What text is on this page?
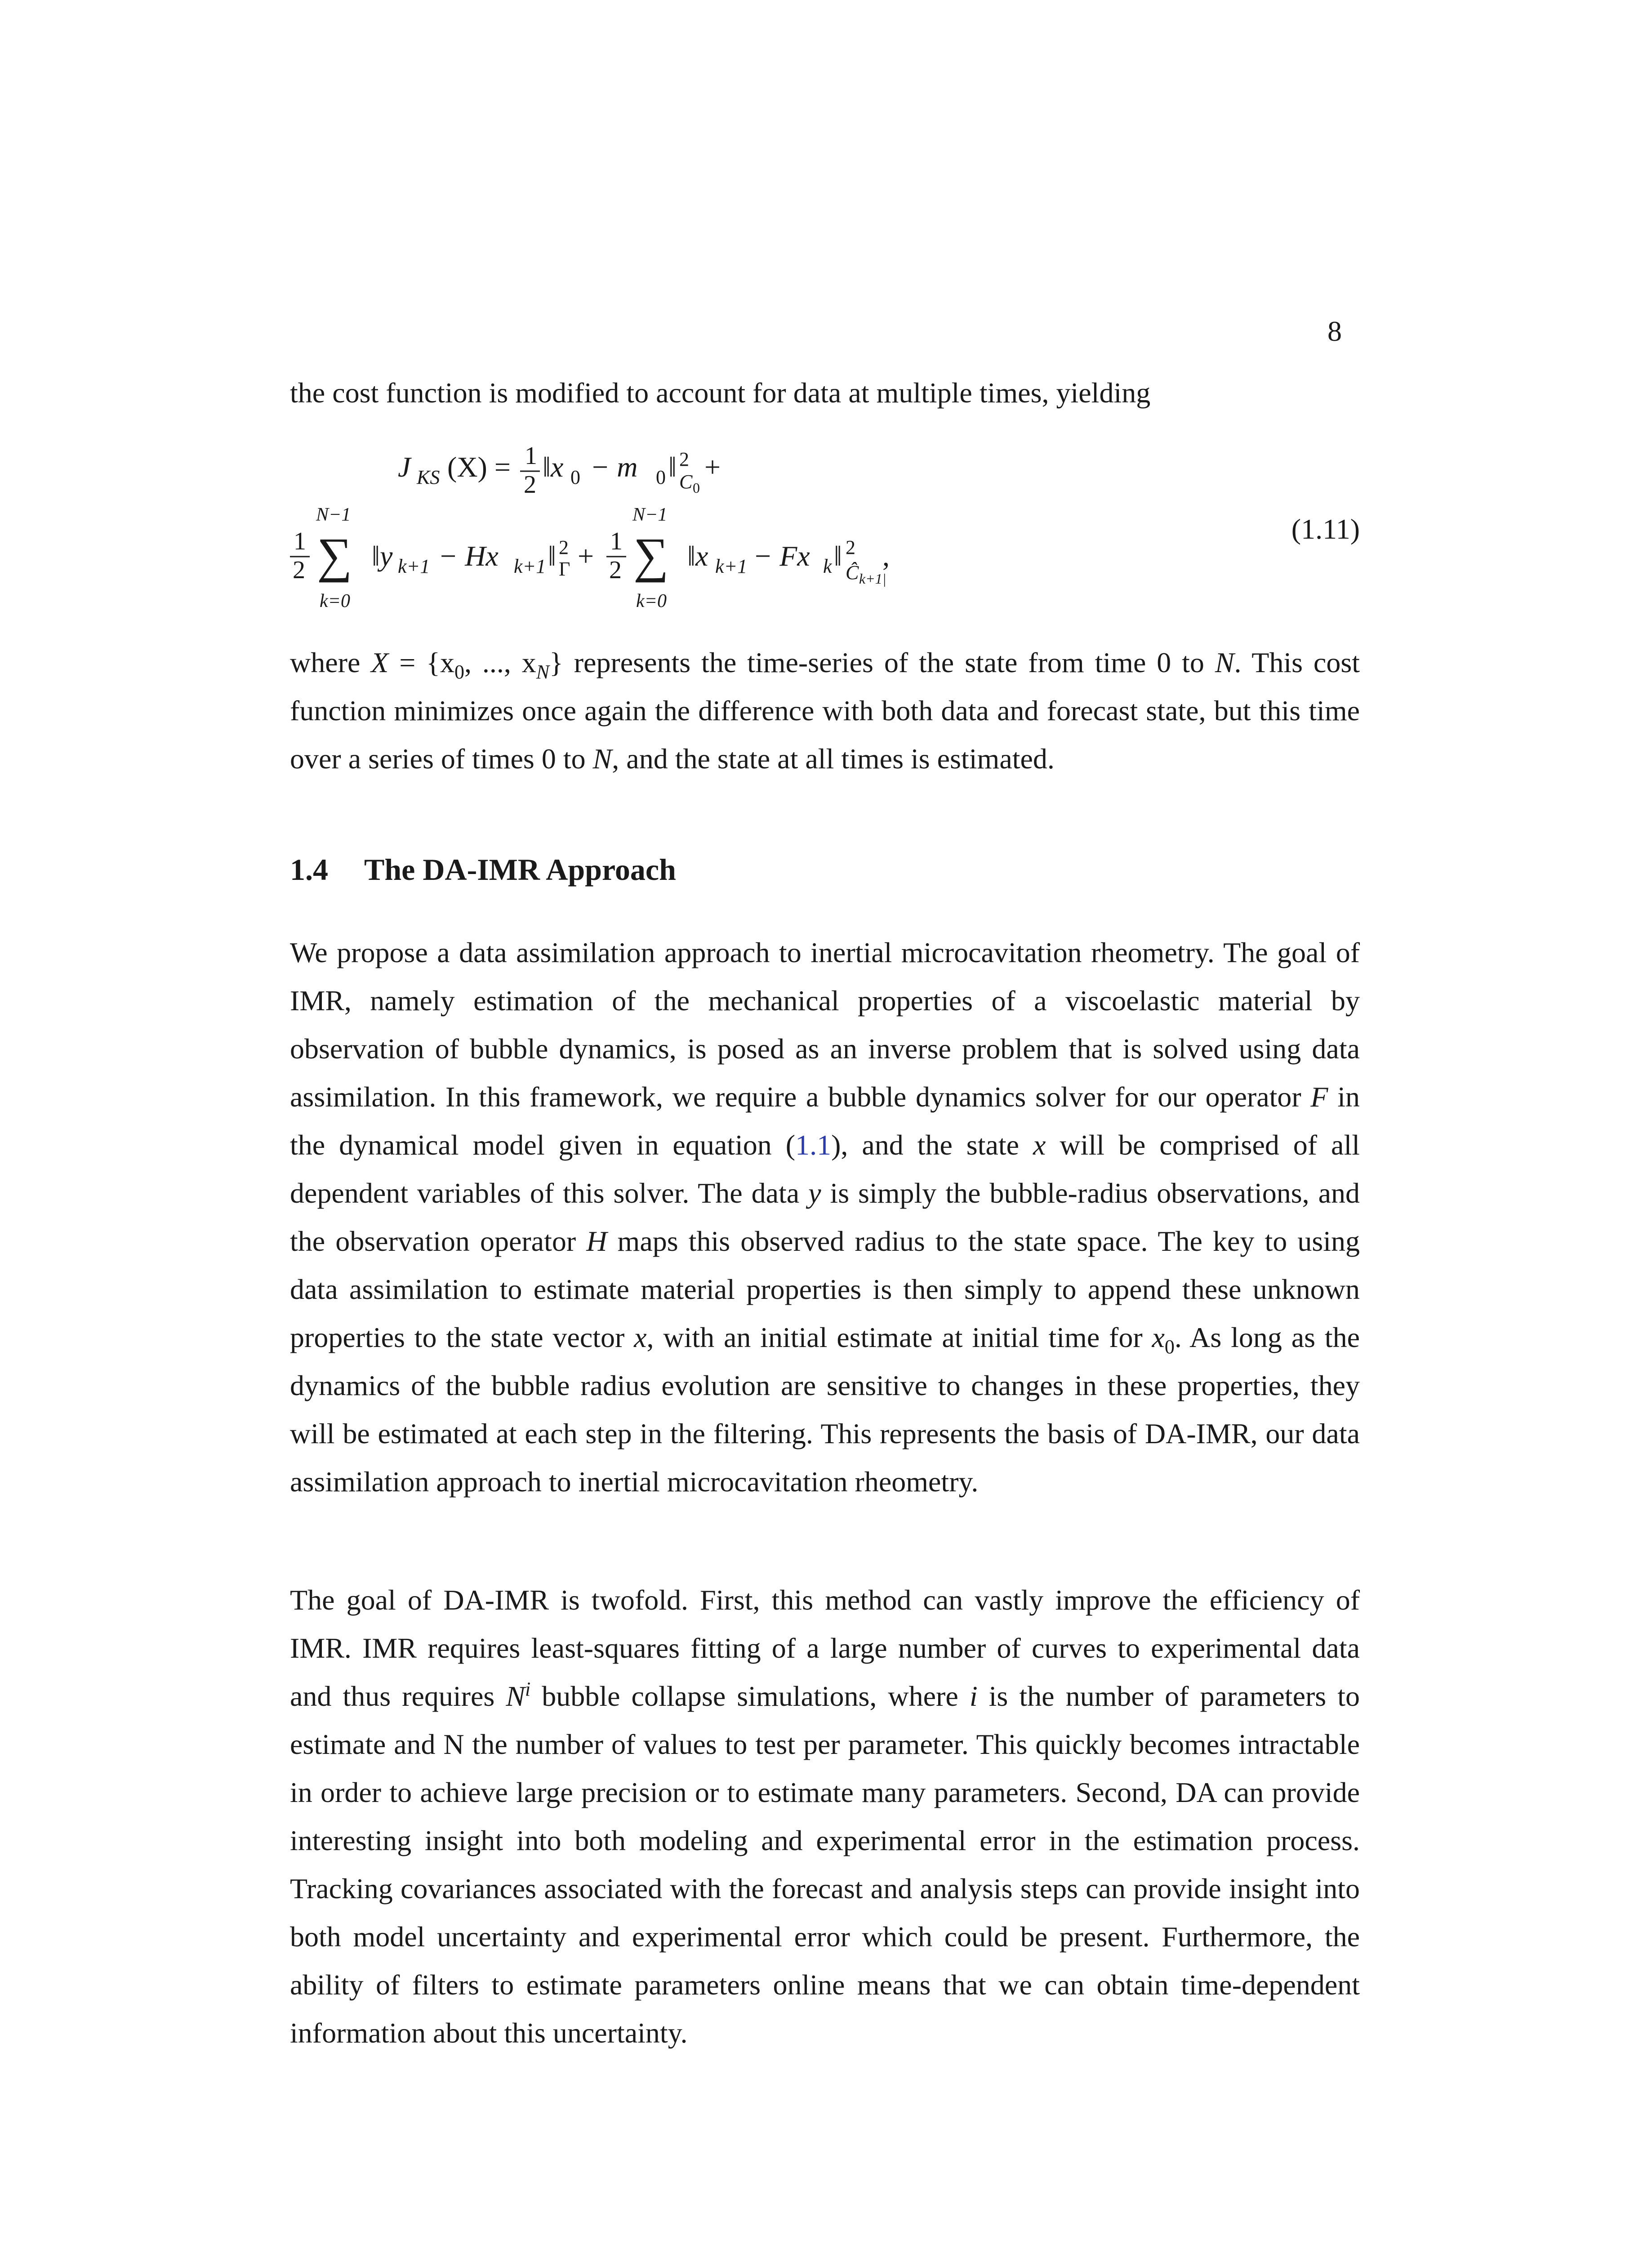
8

the cost function is modified to account for data at multiple times, yielding

J KS (X) = 1
2
‖x 0 − m 0 ‖ 2
C 0
+
1
2
N−1
∑
k=0
‖y k+1 − Hx k+1 ‖ 2
Γ + 1
2
N−1
∑
k=0
‖x k+1 − Fx k ‖ 2
Ĉ k+1|
,
(1.11)

where $X = \{x_0$, ..., $x_N$} represents the time-series of the state from time 0 to N. This cost function minimizes once again the difference with both data and forecast state, but this time over a series of times 0 to N, and the state at all times is estimated.

1.4 The DA-IMR Approach

We propose a data assimilation approach to inertial microcavitation rheometry. The goal of IMR, namely estimation of the mechanical properties of a viscoelastic material by observation of bubble dynamics, is posed as an inverse problem that is solved using data assimilation. In this framework, we require a bubble dynamics solver for our operator F in the dynamical model given in equation (1.1), and the state x will be comprised of all dependent variables of this solver. The data y is simply the bubble-radius observations, and the observation operator H maps this observed radius to the state space. The key to using data assimilation to estimate material properties is then simply to append these unknown properties to the state vector x, with an initial estimate at initial time for $x_0$. As long as the dynamics of the bubble radius evolution are sensitive to changes in these properties, they will be estimated at each step in the filtering. This represents the basis of DA-IMR, our data assimilation approach to inertial microcavitation rheometry.

The goal of DA-IMR is twofold. First, this method can vastly improve the efficiency of IMR. IMR requires least-squares fitting of a large number of curves to experimental data and thus requires $N^i$ bubble collapse simulations, where i is the number of parameters to estimate and N the number of values to test per parameter. This quickly becomes intractable in order to achieve large precision or to estimate many parameters. Second, DA can provide interesting insight into both modeling and experimental error in the estimation process. Tracking covariances associated with the forecast and analysis steps can provide insight into both model uncertainty and experimental error which could be present. Furthermore, the ability of filters to estimate parameters online means that we can obtain time-dependent information about this uncertainty.
